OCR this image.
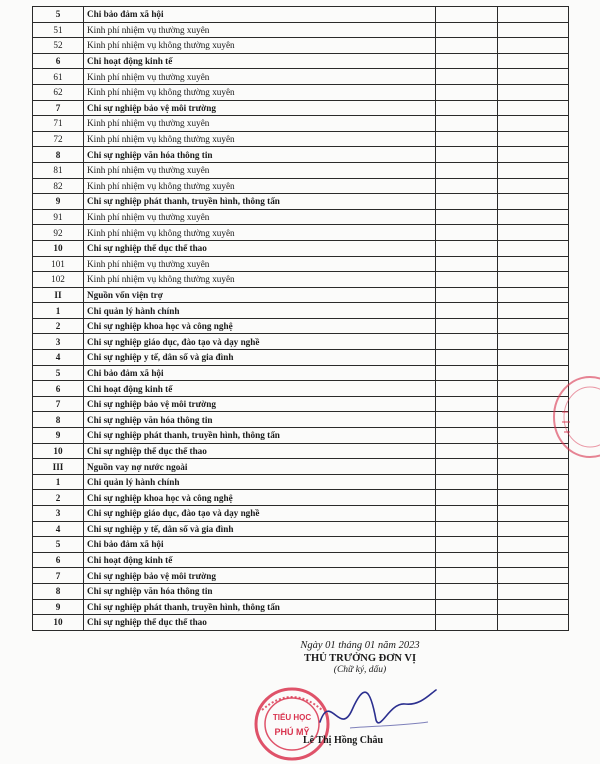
5	Chi bảo đảm xã hội		
51	Kinh phí nhiệm vụ thường xuyên		
52	Kinh phí nhiệm vụ không thường xuyên		
6	Chi hoạt động kinh tế		
61	Kinh phí nhiệm vụ thường xuyên		
62	Kinh phí nhiệm vụ không thường xuyên		
7	Chi sự nghiệp bảo vệ môi trường		
71	Kinh phí nhiệm vụ thường xuyên		
72	Kinh phí nhiệm vụ không thường xuyên		
8	Chi sự nghiệp văn hóa thông tin		
81	Kinh phí nhiệm vụ thường xuyên		
82	Kinh phí nhiệm vụ không thường xuyên		
9	Chi sự nghiệp phát thanh, truyền hình, thông tấn		
91	Kinh phí nhiệm vụ thường xuyên		
92	Kinh phí nhiệm vụ không thường xuyên		
10	Chi sự nghiệp thể dục thể thao		
101	Kinh phí nhiệm vụ thường xuyên		
102	Kinh phí nhiệm vụ không thường xuyên		
II	Nguồn vốn viện trợ		
1	Chi quản lý hành chính		
2	Chi sự nghiệp khoa học và công nghệ		
3	Chi sự nghiệp giáo dục, đào tạo và dạy nghề		
4	Chi sự nghiệp y tế, dân số và gia đình		
5	Chi bảo đảm xã hội		
6	Chi hoạt động kinh tế		
7	Chi sự nghiệp bảo vệ môi trường		
8	Chi sự nghiệp văn hóa thông tin		
9	Chi sự nghiệp phát thanh, truyền hình, thông tấn		
10	Chi sự nghiệp thể dục thể thao		
III	Nguồn vay nợ nước ngoài		
1	Chi quản lý hành chính		
2	Chi sự nghiệp khoa học và công nghệ		
3	Chi sự nghiệp giáo dục, đào tạo và dạy nghề		
4	Chi sự nghiệp y tế, dân số và gia đình		
5	Chi bảo đảm xã hội		
6	Chi hoạt động kinh tế		
7	Chi sự nghiệp bảo vệ môi trường		
8	Chi sự nghiệp văn hóa thông tin		
9	Chi sự nghiệp phát thanh, truyền hình, thông tấn		
10	Chi sự nghiệp thể dục thể thao		
Ngày 01 tháng 01 năm 2023
THỦ TRƯỞNG ĐƠN VỊ
(Chữ ký, dấu)
TIỂU HỌC
PHÚ MỸ
Lê Thị Hồng Châu
